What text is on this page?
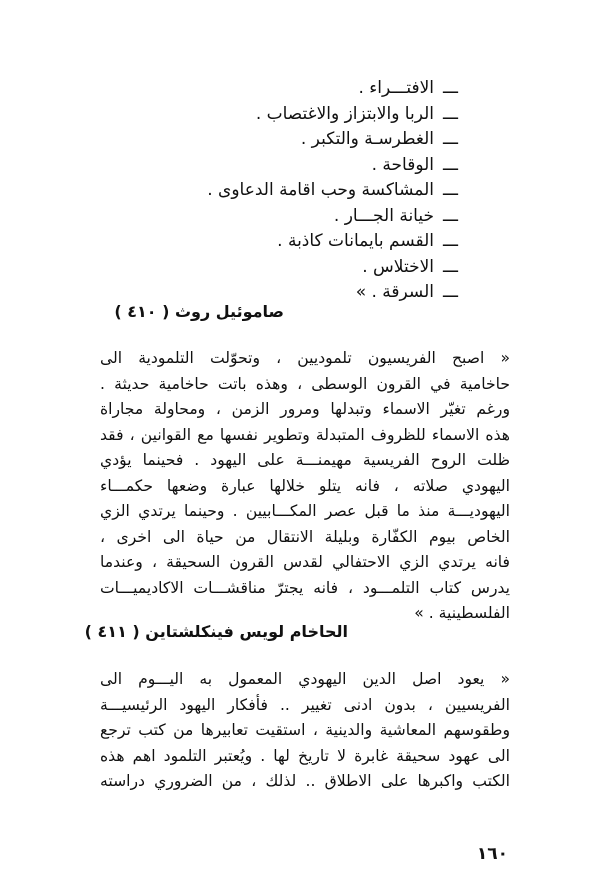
ـــالافتـــراء .
ـــالربا والابتزاز والاغتصاب .
ـــالغطرسـة والتكبر .
ـــالوقاحة .
ـــالمشاكسة وحب اقامة الدعاوى .
ـــخيانة الجـــار .
ـــالقسم بايمانات كاذبة .
ـــالاختلاس .
ـــالسرقة . »
صاموئيل روث ( ٤١٠ )

« اصبح الفريسيون تلموديين ، وتحوّلت التلمودية الى
حاخامية في القرون الوسطى ، وهذه باتت حاخامية حديثة .
ورغم تغيّر الاسماء وتبدلها ومرور الزمن ، ومحاولة مجاراة
هذه الاسماء للظروف المتبدلة وتطوير نفسها مع القوانين ، فقد
ظلت الروح الفريسية مهيمنـــة على اليهود . فحينما يؤدي
اليهودي صلاته ، فانه يتلو خلالها عبارة وضعها حكمـــاء
اليهوديـــة منذ ما قبل عصر المكـــابيين . وحينما يرتدي الزي
الخاص بيوم الكفّارة وبليلة الانتقال من حياة الى اخرى ،
فانه يرتدي الزي الاحتفالي لقدس القرون السحيقة ، وعندما
يدرس كتاب التلمـــود ، فانه يجترّ مناقشـــات الاكاديميـــات
الفلسطينية . »

الحاخام لويس فينكلشتاين ( ٤١١ )

« يعود اصل الدين اليهودي المعمول به اليـــوم الى
الفريسيين ، بدون ادنى تغيير .. فأفكار اليهود الرئيسيـــة
وطقوسهم المعاشية والدينية ، استقيت تعابيرها من كتب ترجع
الى عهود سحيقة غابرة لا تاريخ لها . ويُعتبر التلمود اهم هذه
الكتب واكبرها على الاطلاق .. لذلك ، من الضروري دراسته

١٦٠
